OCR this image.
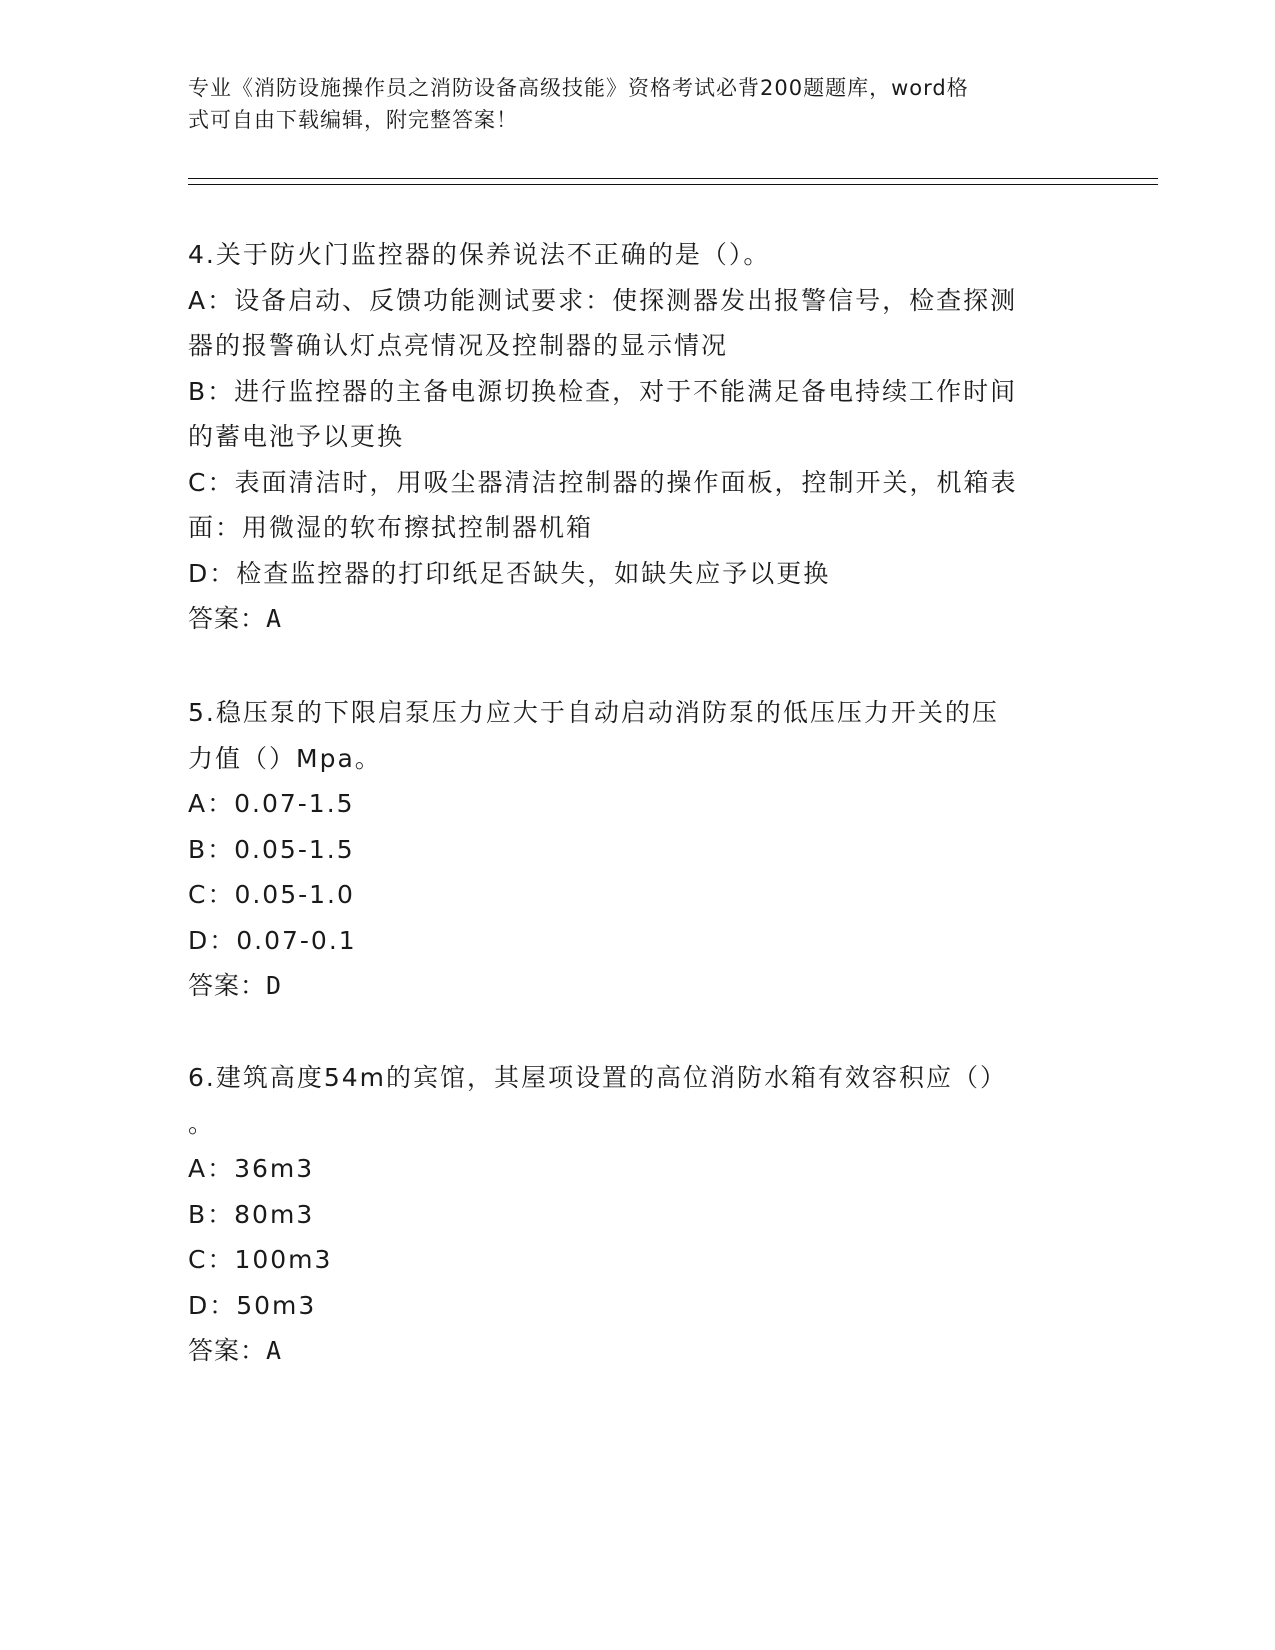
专业《消防设施操作员之消防设备高级技能》资格考试必背200题题库，word格
式可自由下载编辑，附完整答案！
4.关于防火门监控器的保养说法不正确的是（）。
A：设备启动、反馈功能测试要求：使探测器发出报警信号，检查探测
器的报警确认灯点亮情况及控制器的显示情况
B：进行监控器的主备电源切换检查，对于不能满足备电持续工作时间
的蓄电池予以更换
C：表面清洁时，用吸尘器清洁控制器的操作面板，控制开关，机箱表
面：用微湿的软布擦拭控制器机箱
D：检查监控器的打印纸足否缺失，如缺失应予以更换
答案：A
5.稳压泵的下限启泵压力应大于自动启动消防泵的低压压力开关的压
力值（）Mpa。
A：0.07-1.5
B：0.05-1.5
C：0.05-1.0
D：0.07-0.1
答案：D
6.建筑高度54m的宾馆，其屋项设置的高位消防水箱有效容积应（）
。
A：36m3
B：80m3
C：100m3
D：50m3
答案：A
